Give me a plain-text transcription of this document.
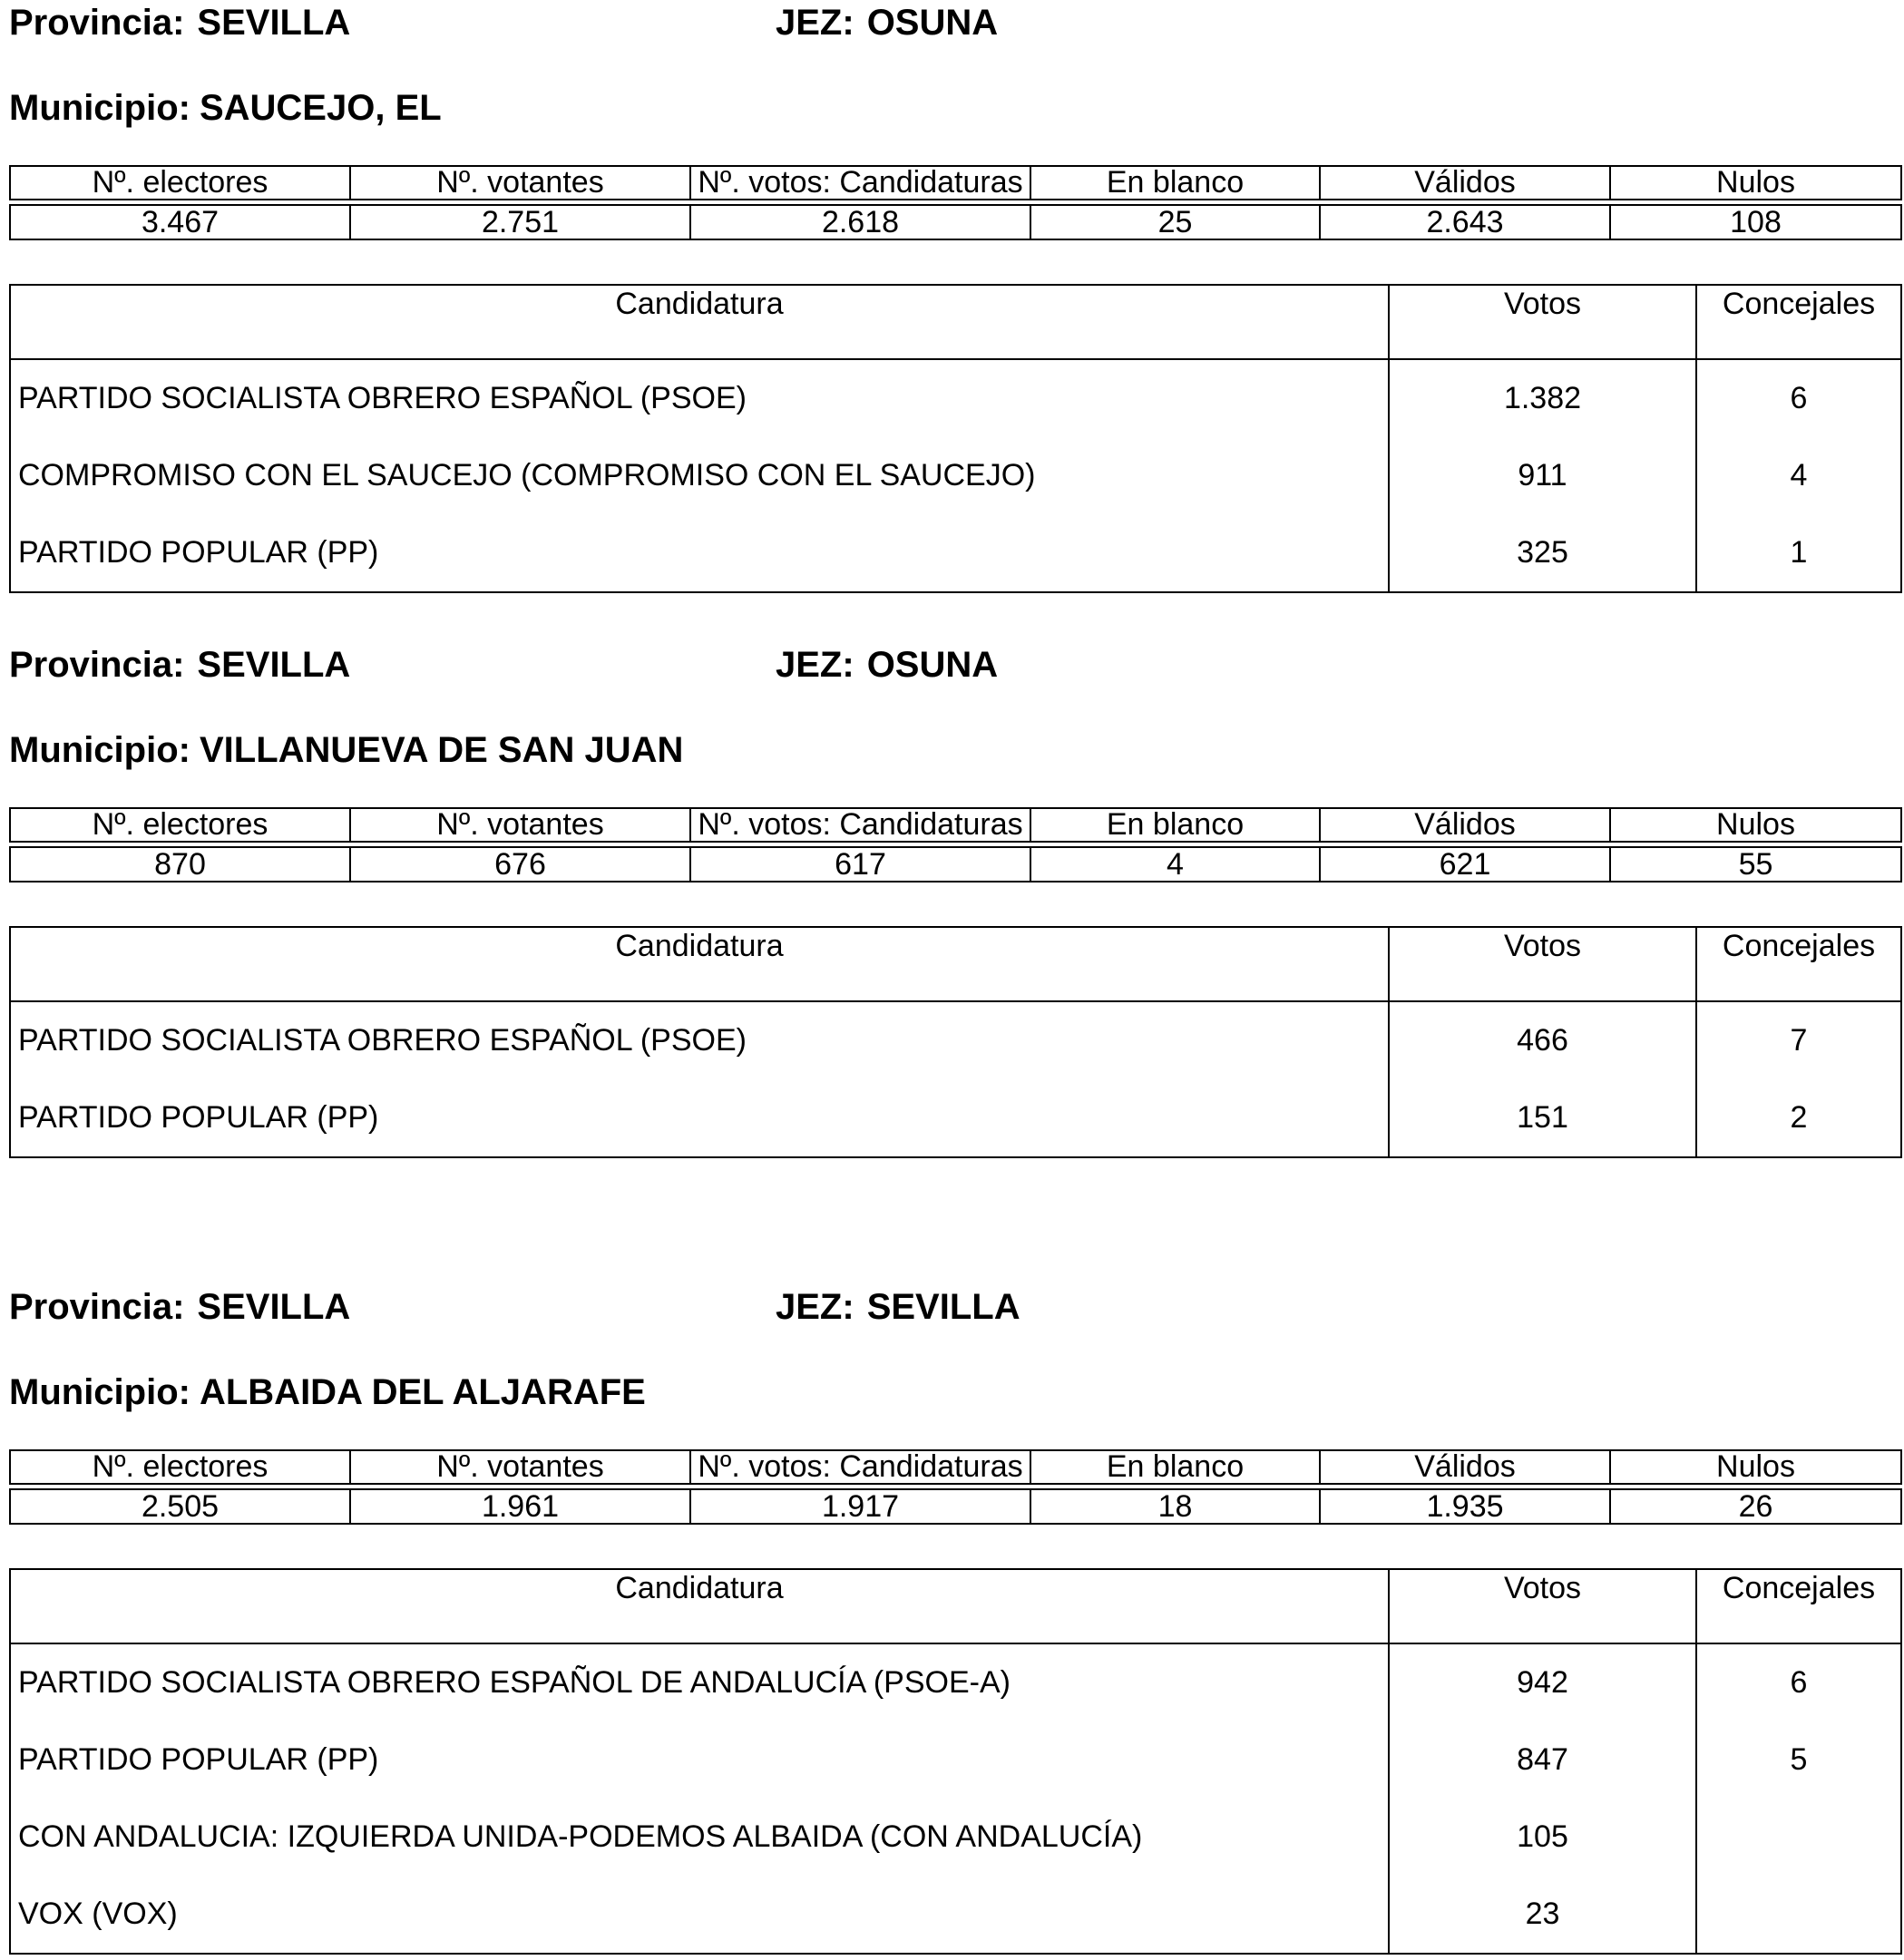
Provincia: SEVILLA	JEZ: OSUNA
Municipio: SAUCEJO, EL
Nº. electores	Nº. votantes	Nº. votos: Candidaturas	En blanco	Válidos	Nulos

3.467	2.751	2.618	25	2.643	108
Candidatura	Votos	Concejales
PARTIDO SOCIALISTA OBRERO ESPAÑOL (PSOE)	1.382	6
COMPROMISO CON EL SAUCEJO (COMPROMISO CON EL SAUCEJO)	911	4
PARTIDO POPULAR (PP)	325	1
Provincia: SEVILLA	JEZ: OSUNA
Municipio: VILLANUEVA DE SAN JUAN
Nº. electores	Nº. votantes	Nº. votos: Candidaturas	En blanco	Válidos	Nulos

870	676	617	4	621	55
Candidatura	Votos	Concejales
PARTIDO SOCIALISTA OBRERO ESPAÑOL (PSOE)	466	7
PARTIDO POPULAR (PP)	151	2
Provincia: SEVILLA	JEZ: SEVILLA
Municipio: ALBAIDA DEL ALJARAFE
Nº. electores	Nº. votantes	Nº. votos: Candidaturas	En blanco	Válidos	Nulos

2.505	1.961	1.917	18	1.935	26
Candidatura	Votos	Concejales
PARTIDO SOCIALISTA OBRERO ESPAÑOL DE ANDALUCÍA (PSOE-A)	942	6
PARTIDO POPULAR (PP)	847	5
CON ANDALUCIA: IZQUIERDA UNIDA-PODEMOS ALBAIDA (CON ANDALUCÍA)	105	
VOX (VOX)	23	
